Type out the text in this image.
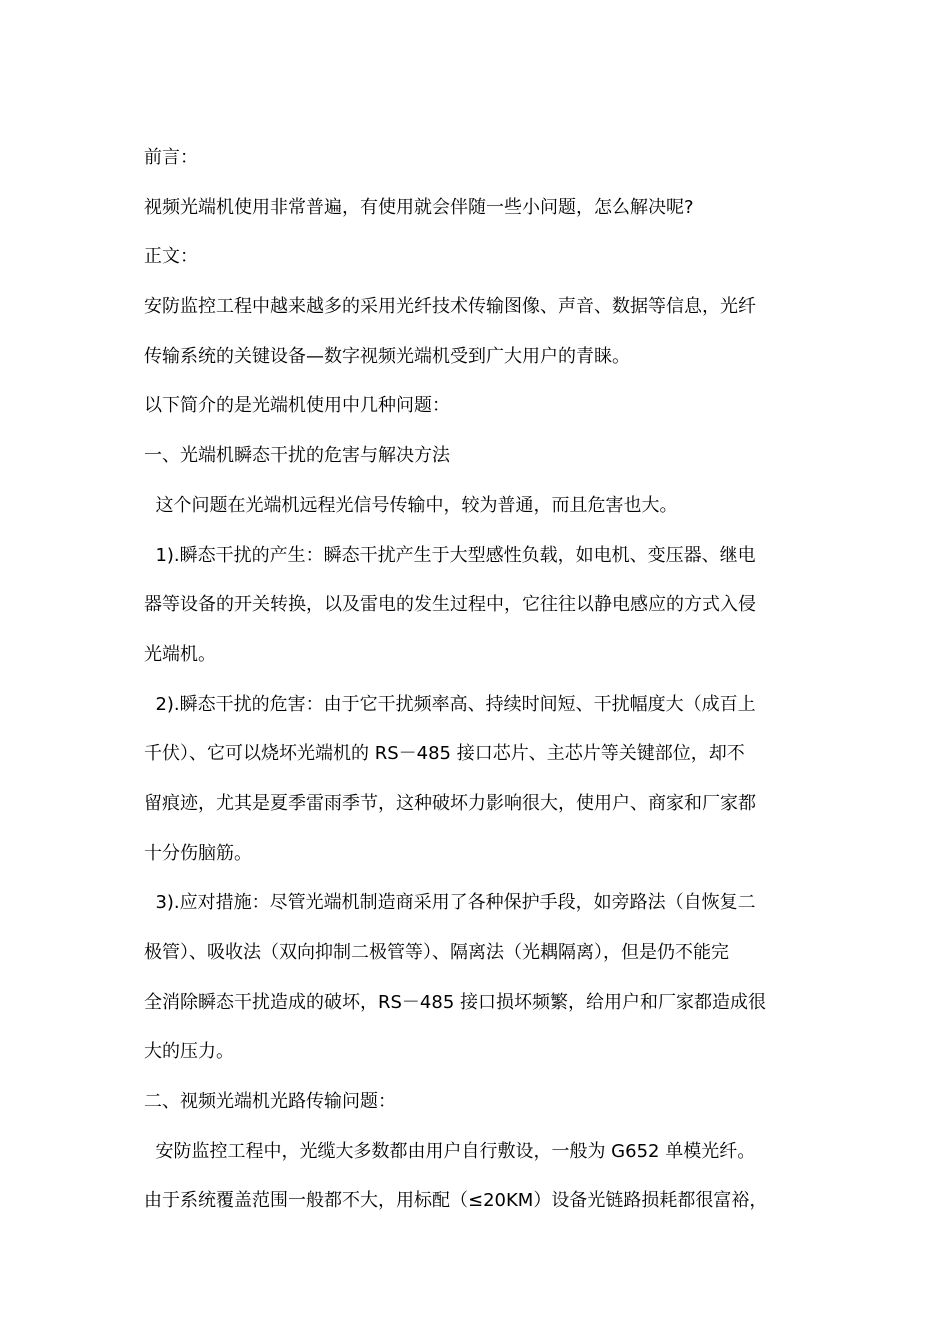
前言：

视频光端机使用非常普遍，有使用就会伴随一些小问题，怎么解决呢?

正文：

安防监控工程中越来越多的采用光纤技术传输图像、声音、数据等信息，光纤

传输系统的关键设备—数字视频光端机受到广大用户的青睐。

以下简介的是光端机使用中几种问题：

一、光端机瞬态干扰的危害与解决方法

这个问题在光端机远程光信号传输中，较为普通，而且危害也大。

1).瞬态干扰的产生：瞬态干扰产生于大型感性负载，如电机、变压器、继电

器等设备的开关转换，以及雷电的发生过程中，它往往以静电感应的方式入侵

光端机。

2).瞬态干扰的危害：由于它干扰频率高、持续时间短、干扰幅度大（成百上

千伏）、它可以烧坏光端机的 RS－485 接口芯片、主芯片等关键部位，却不

留痕迹，尤其是夏季雷雨季节，这种破坏力影响很大，使用户、商家和厂家都

十分伤脑筋。

3).应对措施：尽管光端机制造商采用了各种保护手段，如旁路法（自恢复二

极管）、吸收法（双向抑制二极管等）、隔离法（光耦隔离），但是仍不能完

全消除瞬态干扰造成的破坏，RS－485 接口损坏频繁，给用户和厂家都造成很

大的压力。

二、视频光端机光路传输问题：

安防监控工程中，光缆大多数都由用户自行敷设，一般为 G652 单模光纤。

由于系统覆盖范围一般都不大，用标配（≤20KM）设备光链路损耗都很富裕，
